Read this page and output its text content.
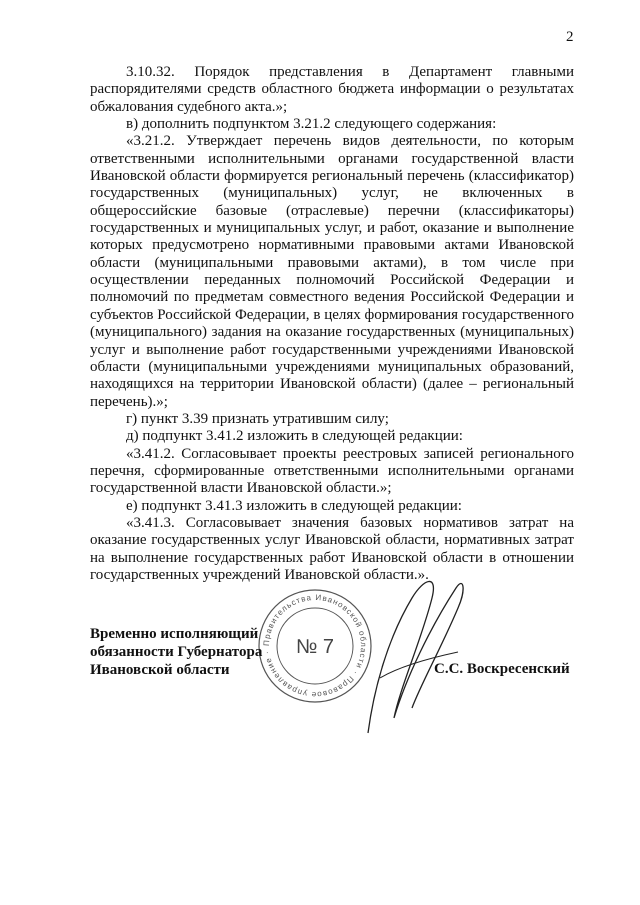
2

3.10.32. Порядок представления в Департамент главными распорядителями средств областного бюджета информации о результатах обжалования судебного акта.»;

в) дополнить подпунктом 3.21.2 следующего содержания:

«3.21.2. Утверждает перечень видов деятельности, по которым ответственными исполнительными органами государственной власти Ивановской области формируется региональный перечень (классификатор) государственных (муниципальных) услуг, не включенных в общероссийские базовые (отраслевые) перечни (классификаторы) государственных и муниципальных услуг, и работ, оказание и выполнение которых предусмотрено нормативными правовыми актами Ивановской области (муниципальными правовыми актами), в том числе при осуществлении переданных полномочий Российской Федерации и полномочий по предметам совместного ведения Российской Федерации и субъектов Российской Федерации, в целях формирования государственного (муниципального) задания на оказание государственных (муниципальных) услуг и выполнение работ государственными учреждениями Ивановской области (муниципальными учреждениями муниципальных образований, находящихся на территории Ивановской области) (далее – региональный перечень).»;

г) пункт 3.39 признать утратившим силу;

д) подпункт 3.41.2 изложить в следующей редакции:

«3.41.2. Согласовывает проекты реестровых записей регионального перечня, сформированные ответственными исполнительными органами государственной власти Ивановской области.»;

е) подпункт 3.41.3 изложить в следующей редакции:

«3.41.3. Согласовывает значения базовых нормативов затрат на оказание государственных услуг Ивановской области, нормативных затрат на выполнение государственных работ Ивановской области в отношении государственных учреждений Ивановской области.».

Правительства Ивановской области ∙ Правовое управление ∙	№ 7
Временно исполняющий
обязанности Губернатора
Ивановской области	С.С. Воскресенский
